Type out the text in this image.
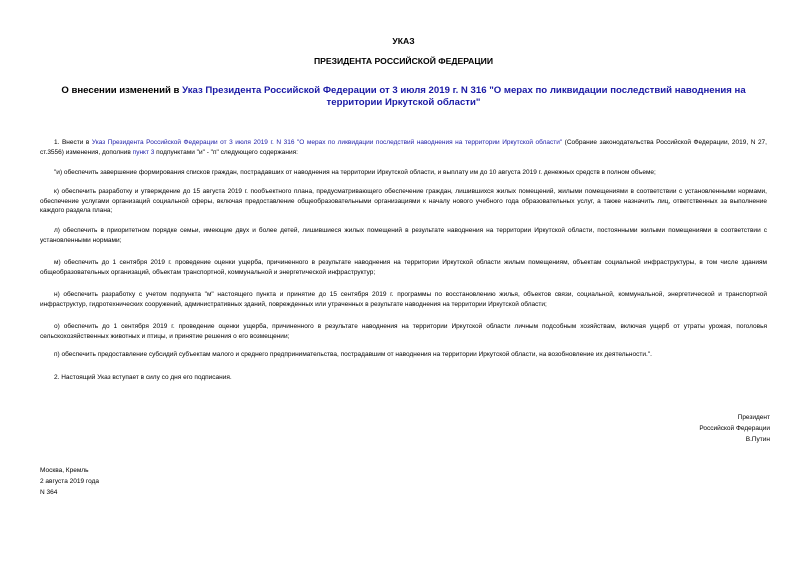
УКАЗ
ПРЕЗИДЕНТА РОССИЙСКОЙ ФЕДЕРАЦИИ
О внесении изменений в Указ Президента Российской Федерации от 3 июля 2019 г. N 316 "О мерах по ликвидации последствий наводнения на территории Иркутской области"
1. Внести в Указ Президента Российской Федерации от 3 июля 2019 г. N 316 "О мерах по ликвидации последствий наводнения на территории Иркутской области" (Собрание законодательства Российской Федерации, 2019, N 27, ст.3556) изменения, дополнив пункт 3 подпунктами "и" - "п" следующего содержания:
"и) обеспечить завершение формирования списков граждан, пострадавших от наводнения на территории Иркутской области, и выплату им до 10 августа 2019 г. денежных средств в полном объеме;
к) обеспечить разработку и утверждение до 15 августа 2019 г. пообъектного плана, предусматривающего обеспечение граждан, лишившихся жилых помещений, жилыми помещениями в соответствии с установленными нормами, обеспечение услугами организаций социальной сферы, включая предоставление общеобразовательными организациями к началу нового учебного года образовательных услуг, а также назначить лиц, ответственных за выполнение каждого раздела плана;
л) обеспечить в приоритетном порядке семьи, имеющие двух и более детей, лишившиеся жилых помещений в результате наводнения на территории Иркутской области, постоянными жилыми помещениями в соответствии с установленными нормами;
м) обеспечить до 1 сентября 2019 г. проведение оценки ущерба, причиненного в результате наводнения на территории Иркутской области жилым помещениям, объектам социальной инфраструктуры, в том числе зданиям общеобразовательных организаций, объектам транспортной, коммунальной и энергетической инфраструктур;
н) обеспечить разработку с учетом подпункта "м" настоящего пункта и принятие до 15 сентября 2019 г. программы по восстановлению жилья, объектов связи, социальной, коммунальной, энергетической и транспортной инфраструктур, гидротехнических сооружений, административных зданий, поврежденных или утраченных в результате наводнения на территории Иркутской области;
о) обеспечить до 1 сентября 2019 г. проведение оценки ущерба, причиненного в результате наводнения на территории Иркутской области личным подсобным хозяйствам, включая ущерб от утраты урожая, поголовья сельскохозяйственных животных и птицы, и принятие решения о его возмещении;
п) обеспечить предоставление субсидий субъектам малого и среднего предпринимательства, пострадавшим от наводнения на территории Иркутской области, на возобновление их деятельности.".
2. Настоящий Указ вступает в силу со дня его подписания.
Президент
Российской Федерации
В.Путин
Москва, Кремль
2 августа 2019 года
N 364
